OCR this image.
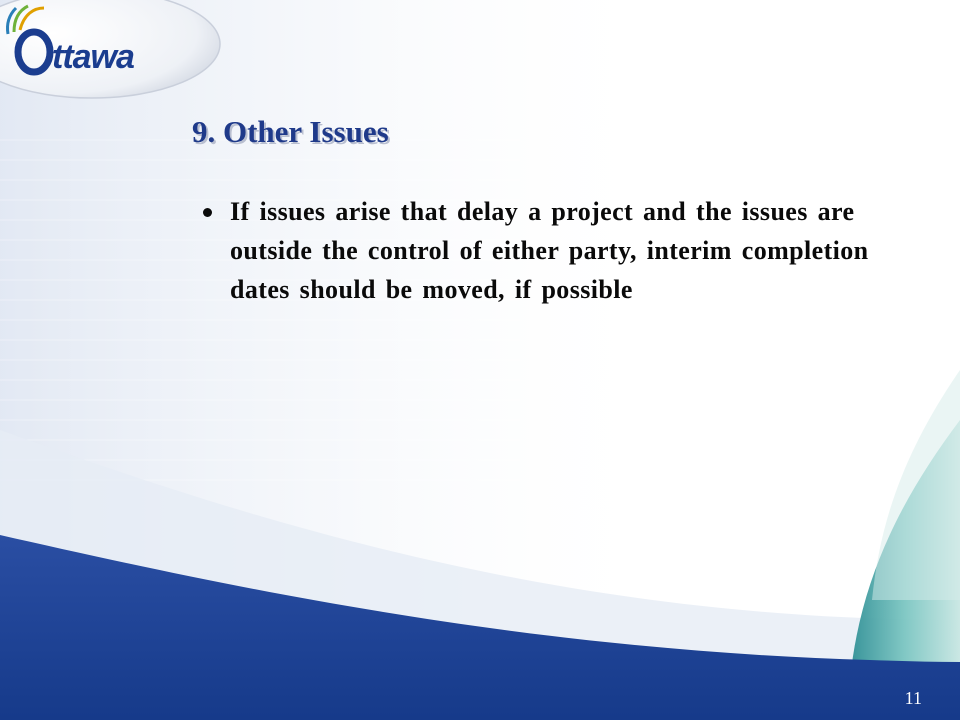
ttawa
9. Other Issues
If issues arise that delay a project and the issues are outside the control of either party, interim completion dates should be moved, if possible
11
